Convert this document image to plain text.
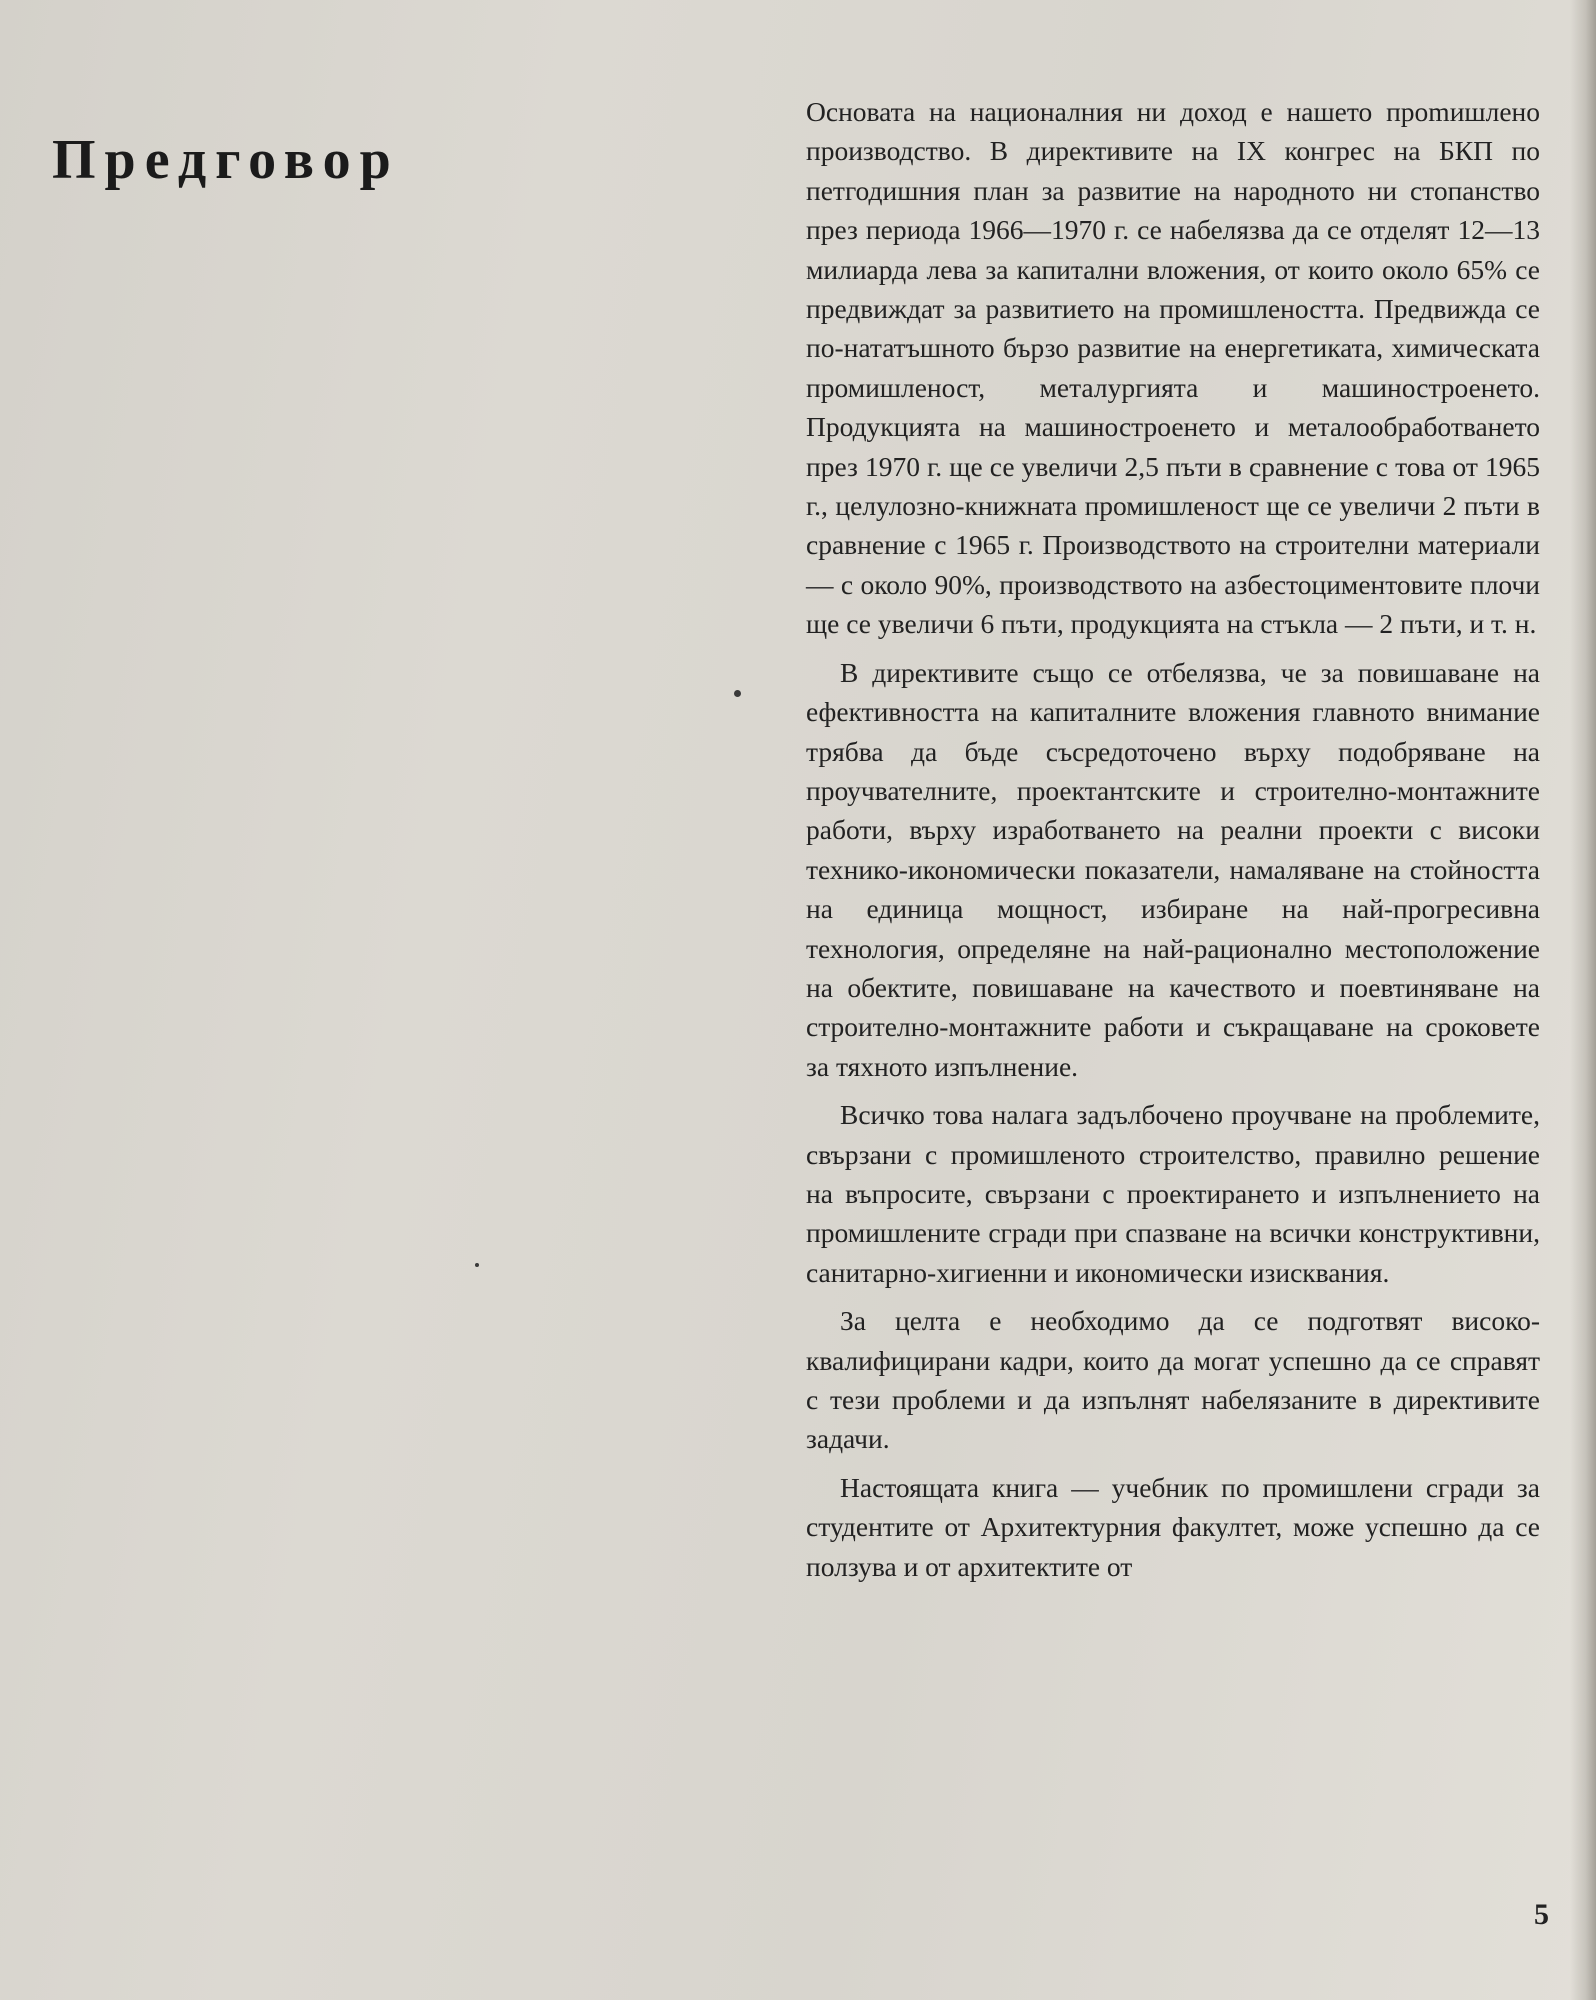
Предговор

Основата на националния ни доход е нашето проmишлено производство. В директивите на IX конгрес на БКП по петгодишния план за развитие на народното ни стопанство през периода 1966—1970 г. се набелязва да се отделят 12—13 милиарда лева за капитални вложения, от които около 65% се предвиждат за развитието на промишлеността. Предвижда се по-нататъшното бързо развитие на енергетиката, химическата промишленост, металургията и машиностроенето. Продукцията на машиностроенето и металообработването през 1970 г. ще се увеличи 2,5 пъти в сравнение с това от 1965 г., целулозно-книжната промишленост ще се увеличи 2 пъти в сравнение с 1965 г. Производството на строителни материали — с около 90%, производството на азбестоциментовите плочи ще се увеличи 6 пъти, продукцията на стъкла — 2 пъти, и т. н.

В директивите също се отбелязва, че за повишаване на ефективността на капиталните вложения главното внимание трябва да бъде съсредоточено върху подобряване на проучвателните, проектантските и строително-монтажните работи, върху изработването на реални проекти с високи технико-икономически показатели, намаляване на стойността на единица мощност, избиране на най-прогресивна технология, определяне на най-рационално местоположение на обектите, повишаване на качеството и поевтиняване на строително-монтажните работи и съкращаване на сроковете за тяхното изпълнение.

Всичко това налага задълбочено проучване на проблемите, свързани с промишленото строителство, правилно решение на въпросите, свързани с проектирането и изпълнението на промишлените сгради при спазване на всички конструктивни, санитарно-хигиенни и икономически изисквания.

За целта е необходимо да се подготвят висококвалифицирани кадри, които да могат успешно да се справят с тези проблеми и да изпълнят набелязаните в директивите задачи.

Настоящата книга — учебник по промишлени сгради за студентите от Архитектурния факултет, може успешно да се ползува и от архитектите от

5
